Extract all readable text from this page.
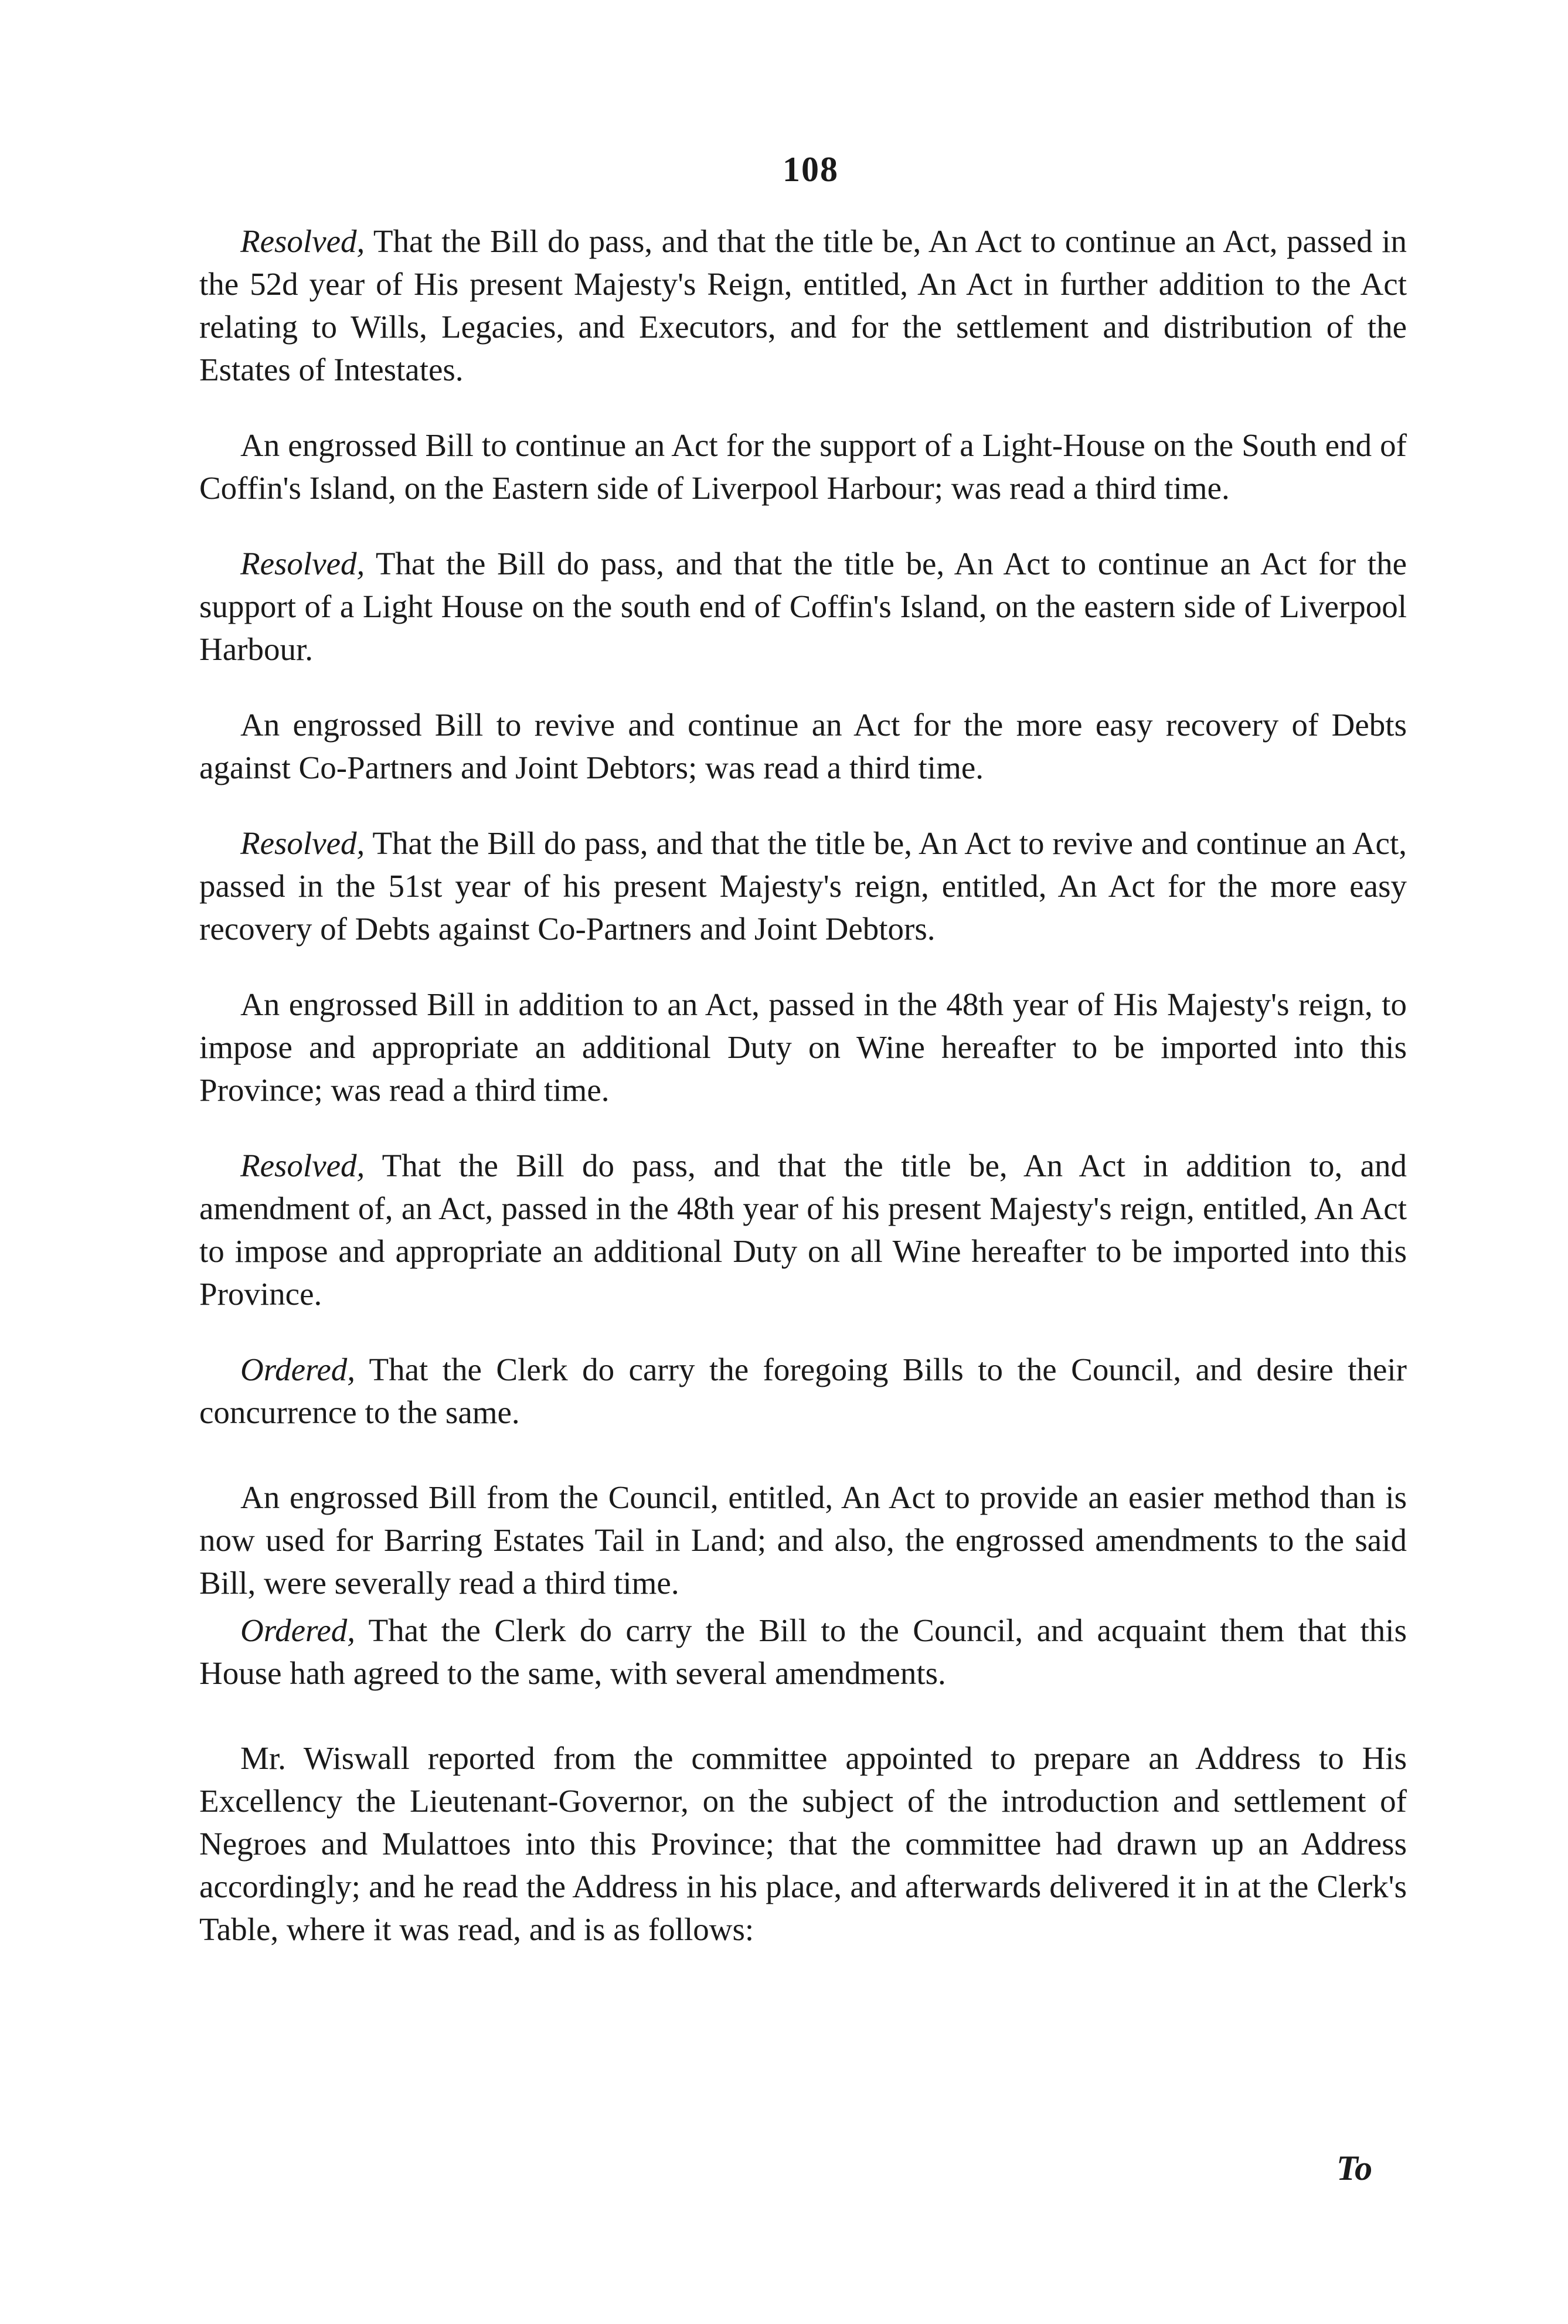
108

Resolved, That the Bill do pass, and that the title be, An Act to continue an Act, passed in the 52d year of His present Majesty's Reign, entitled, An Act in further addition to the Act relating to Wills, Legacies, and Executors, and for the settlement and distribution of the Estates of Intestates.

An engrossed Bill to continue an Act for the support of a Light-House on the South end of Coffin's Island, on the Eastern side of Liverpool Harbour; was read a third time.

Resolved, That the Bill do pass, and that the title be, An Act to continue an Act for the support of a Light House on the south end of Coffin's Island, on the eastern side of Liverpool Harbour.

An engrossed Bill to revive and continue an Act for the more easy recovery of Debts against Co-Partners and Joint Debtors; was read a third time.

Resolved, That the Bill do pass, and that the title be, An Act to revive and continue an Act, passed in the 51st year of his present Majesty's reign, entitled, An Act for the more easy recovery of Debts against Co-Partners and Joint Debtors.

An engrossed Bill in addition to an Act, passed in the 48th year of His Majesty's reign, to impose and appropriate an additional Duty on Wine hereafter to be imported into this Province; was read a third time.

Resolved, That the Bill do pass, and that the title be, An Act in addition to, and amendment of, an Act, passed in the 48th year of his present Majesty's reign, entitled, An Act to impose and appropriate an additional Duty on all Wine hereafter to be imported into this Province.

Ordered, That the Clerk do carry the foregoing Bills to the Council, and desire their concurrence to the same.

An engrossed Bill from the Council, entitled, An Act to provide an easier method than is now used for Barring Estates Tail in Land; and also, the engrossed amendments to the said Bill, were severally read a third time.

Ordered, That the Clerk do carry the Bill to the Council, and acquaint them that this House hath agreed to the same, with several amendments.

Mr. Wiswall reported from the committee appointed to prepare an Address to His Excellency the Lieutenant-Governor, on the subject of the introduction and settlement of Negroes and Mulattoes into this Province; that the committee had drawn up an Address accordingly; and he read the Address in his place, and afterwards delivered it in at the Clerk's Table, where it was read, and is as follows:

To
